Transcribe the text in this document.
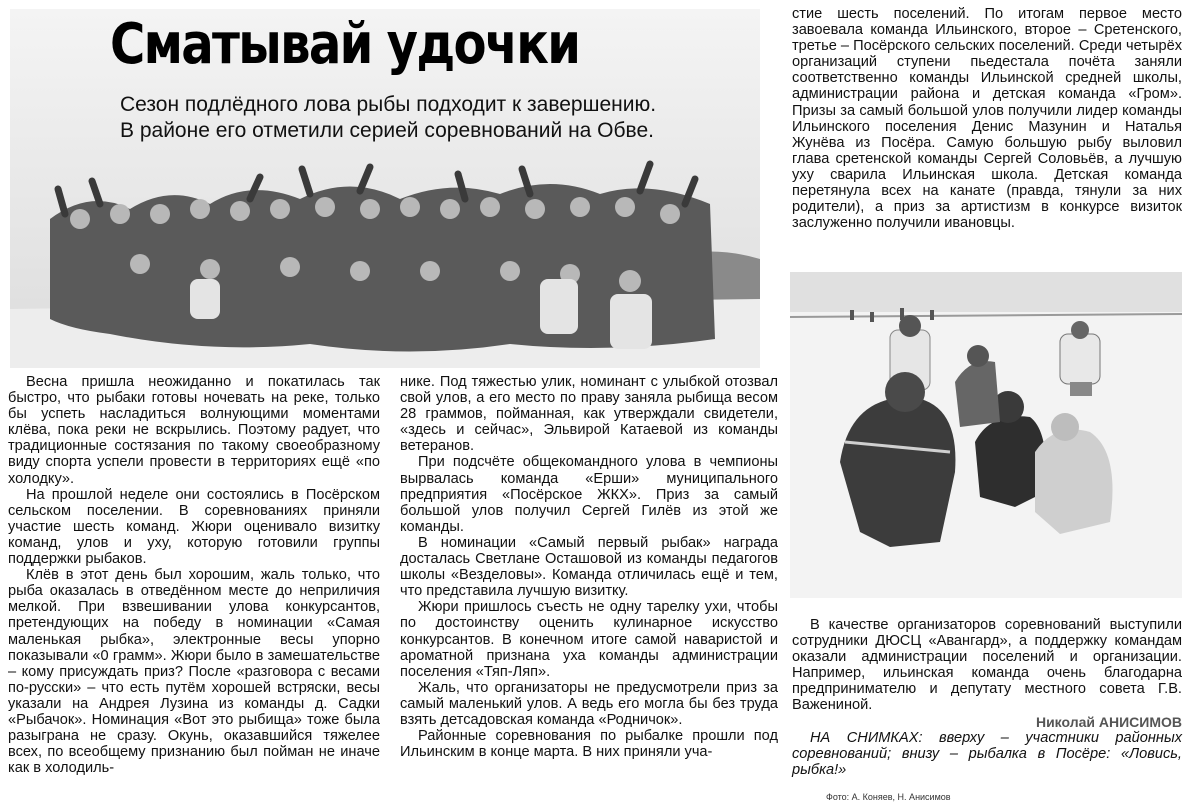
Сматывай удочки
Сезон подлёдного лова рыбы подходит к завершению. В районе его отметили серией соревнований на Обве.

Весна пришла неожиданно и покатилась так быстро, что рыбаки готовы ночевать на реке, только бы успеть насладиться волнующими моментами клёва, пока реки не вскрылись. Поэтому радует, что традиционные состязания по такому своеобразному виду спорта успели провести в территориях ещё «по холодку».

На прошлой неделе они состоялись в Посёрском сельском поселении. В соревнованиях приняли участие шесть команд. Жюри оценивало визитку команд, улов и уху, которую готовили группы поддержки рыбаков.

Клёв в этот день был хорошим, жаль только, что рыба оказалась в отведённом месте до неприличия мелкой. При взвешивании улова конкурсантов, претендующих на победу в номинации «Самая маленькая рыбка», электронные весы упорно показывали «0 грамм». Жюри было в замешательстве – кому присуждать приз? После «разговора с весами по-русски» – что есть путём хорошей встряски, весы указали на Андрея Лузина из команды д. Садки «Рыбачок». Номинация «Вот это рыбища» тоже была разыграна не сразу. Окунь, оказавшийся тяжелее всех, по всеобщему признанию был пойман не иначе как в холодиль-

нике. Под тяжестью улик, номинант с улыбкой отозвал свой улов, а его место по праву заняла рыбища весом 28 граммов, пойманная, как утверждали свидетели, «здесь и сейчас», Эльвирой Катаевой из команды ветеранов.

При подсчёте общекомандного улова в чемпионы вырвалась команда «Ерши» муниципального предприятия «Посёрское ЖКХ». Приз за самый большой улов получил Сергей Гилёв из этой же команды.

В номинации «Самый первый рыбак» награда досталась Светлане Осташовой из команды педагогов школы «Везделовы». Команда отличилась ещё и тем, что представила лучшую визитку.

Жюри пришлось съесть не одну тарелку ухи, чтобы по достоинству оценить кулинарное искусство конкурсантов. В конечном итоге самой наваристой и ароматной признана уха команды администрации поселения «Тяп-Ляп».

Жаль, что организаторы не предусмотрели приз за самый маленький улов. А ведь его могла бы без труда взять детсадовская команда «Родничок».

Районные соревнования по рыбалке прошли под Ильинским в конце марта. В них приняли уча-

стие шесть поселений. По итогам первое место завоевала команда Ильинского, второе – Сретенского, третье – Посёрского сельских поселений. Среди четырёх организаций ступени пьедестала почёта заняли соответственно команды Ильинской средней школы, администрации района и детская команда «Гром». Призы за самый большой улов получили лидер команды Ильинского поселения Денис Мазунин и Наталья Жунёва из Посёра. Самую большую рыбу выловил глава сретенской команды Сергей Соловьёв, а лучшую уху сварила Ильинская школа. Детская команда перетянула всех на канате (правда, тянули за них родители), а приз за артистизм в конкурсе визиток заслуженно получили ивановцы.

В качестве организаторов соревнований выступили сотрудники ДЮСЦ «Авангард», а поддержку командам оказали администрации поселений и организации. Например, ильинская команда очень благодарна предпринимателю и депутату местного совета Г.В. Важениной.

Николай АНИСИМОВ

НА СНИМКАХ: вверху – участники районных соревнований; внизу – рыбалка в Посёре: «Ловись, рыбка!»

Фото: А. Коняев, Н. Анисимов
